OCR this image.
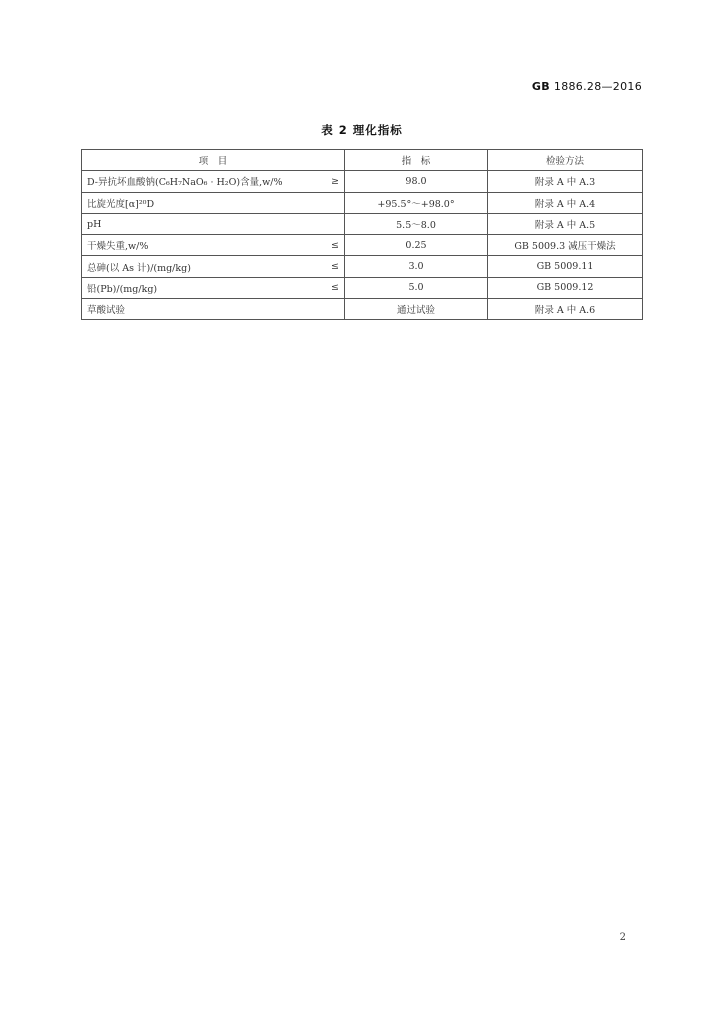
GB 1886.28—2016
表 2 理化指标
项　目	指　标	检验方法

D-异抗坏血酸钠(C₆H₇NaO₆ · H₂O)含量,w/% ≥	98.0	附录 A 中 A.3

比旋光度[α]²⁰D	+95.5°～+98.0°	附录 A 中 A.4

pH	5.5～8.0	附录 A 中 A.5

干燥失重,w/% ≤	0.25	GB 5009.3 减压干燥法

总砷(以 As 计)/(mg/kg) ≤	3.0	GB 5009.11

铅(Pb)/(mg/kg) ≤	5.0	GB 5009.12

草酸试验	通过试验	附录 A 中 A.6
2
